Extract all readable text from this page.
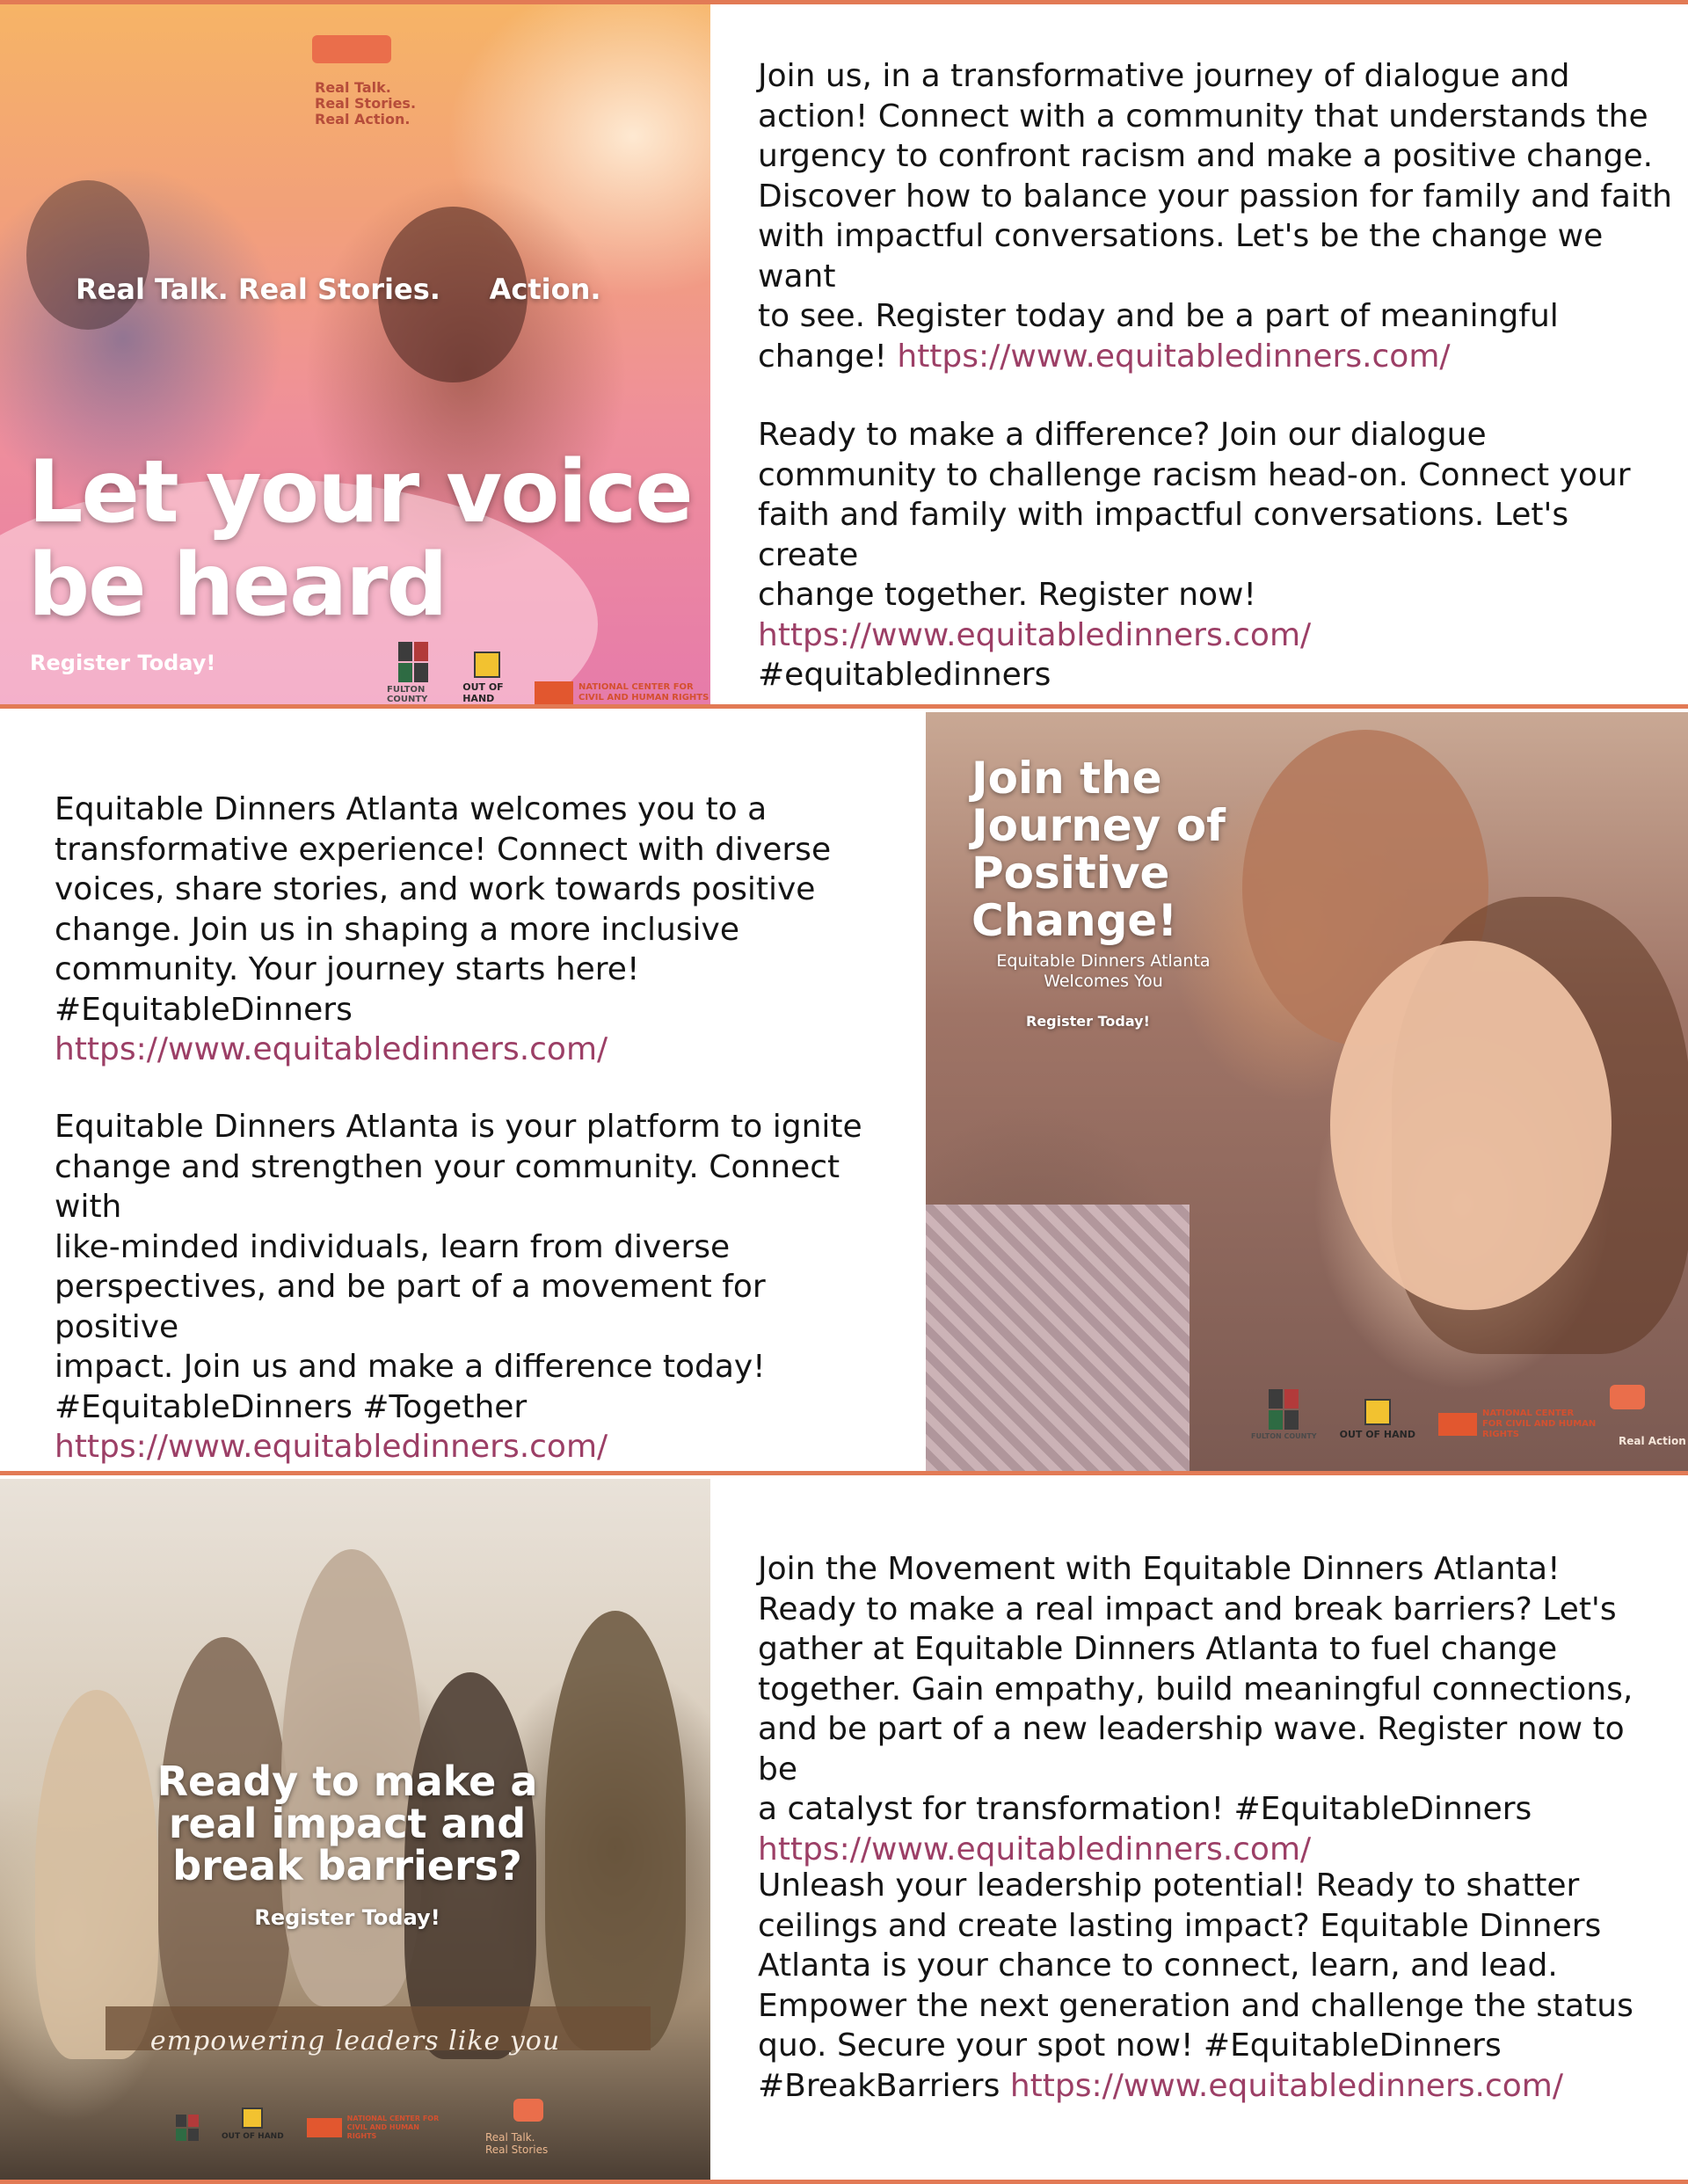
Real Talk.
Real Stories.
Real Action.
Real Talk. Real Stories.     Action.
Let your voice
be heard
Register Today!
FULTON COUNTY
OUT OF HAND
NATIONAL CENTER FOR CIVIL AND HUMAN RIGHTS

Join us, in a transformative journey of dialogue and
action! Connect with a community that understands the
urgency to confront racism and make a positive change.
Discover how to balance your passion for family and faith
with impactful conversations. Let's be the change we want
to see. Register today and be a part of meaningful
change! https://www.equitabledinners.com/

Ready to make a difference? Join our dialogue
community to challenge racism head-on. Connect your
faith and family with impactful conversations. Let's create
change together. Register now!

https://www.equitabledinners.com/

#equitabledinners

Equitable Dinners Atlanta welcomes you to a
transformative experience! Connect with diverse
voices, share stories, and work towards positive
change. Join us in shaping a more inclusive
community. Your journey starts here!
#EquitableDinners

https://www.equitabledinners.com/

Equitable Dinners Atlanta is your platform to ignite
change and strengthen your community. Connect with
like-minded individuals, learn from diverse
perspectives, and be part of a movement for positive
impact. Join us and make a difference today!
#EquitableDinners #Together

https://www.equitabledinners.com/

Join the
Journey of
Positive
Change!
Equitable Dinners Atlanta
Welcomes You
Register Today!
FULTON COUNTY OUT OF HAND
NATIONAL CENTER FOR CIVIL AND HUMAN RIGHTS
Real Action
Ready to make a
real impact and
break barriers?
Register Today!
empowering leaders like you
OUT OF HAND
NATIONAL CENTER FOR CIVIL AND HUMAN RIGHTS	Real Talk.
Real Stories

Join the Movement with Equitable Dinners Atlanta!
Ready to make a real impact and break barriers? Let's
gather at Equitable Dinners Atlanta to fuel change
together. Gain empathy, build meaningful connections,
and be part of a new leadership wave. Register now to be
a catalyst for transformation! #EquitableDinners

https://www.equitabledinners.com/

Unleash your leadership potential! Ready to shatter
ceilings and create lasting impact? Equitable Dinners
Atlanta is your chance to connect, learn, and lead.
Empower the next generation and challenge the status
quo. Secure your spot now! #EquitableDinners
#BreakBarriers https://www.equitabledinners.com/
